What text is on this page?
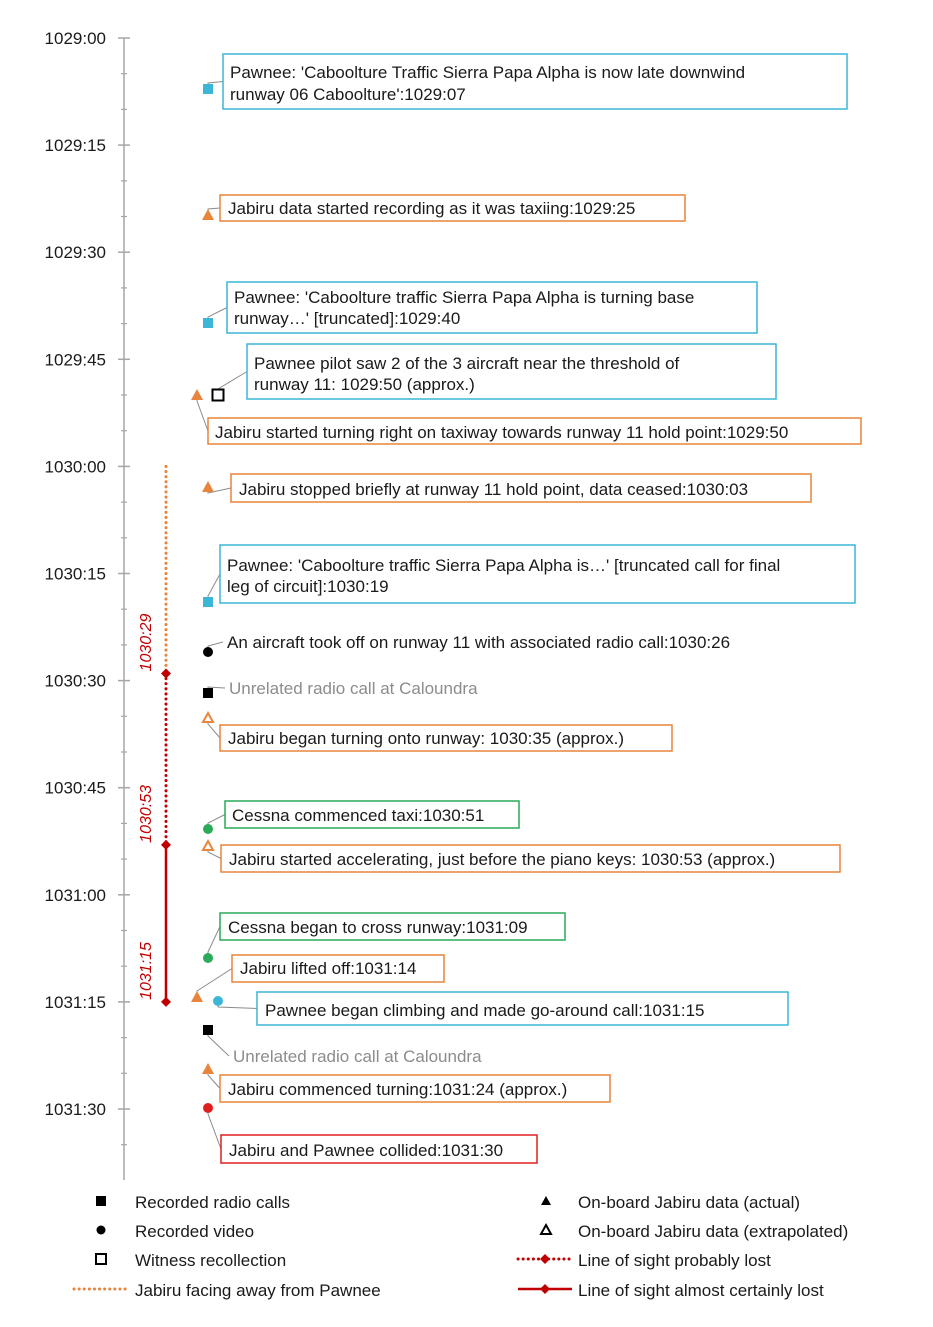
1029:00
1029:15
1029:30
1029:45
1030:00
1030:15
1030:30
1030:45
1031:00
1031:15
1031:30
1030:29
1030:53
1031:15
Pawnee: 'Caboolture Traffic Sierra Papa Alpha is now late downwind
runway 06 Caboolture':1029:07
Jabiru data started recording as it was taxiing:1029:25
Pawnee: 'Caboolture traffic Sierra Papa Alpha is turning base
runway…' [truncated]:1029:40
Pawnee pilot saw 2 of the 3 aircraft near the threshold of
runway 11: 1029:50 (approx.)
Jabiru started turning right on taxiway towards runway 11 hold point:1029:50
Jabiru stopped briefly at runway 11 hold point, data ceased:1030:03
Pawnee: 'Caboolture traffic Sierra Papa Alpha is…' [truncated call for final
leg of circuit]:1030:19
An aircraft took off on runway 11 with associated radio call:1030:26
Unrelated radio call at Caloundra
Jabiru began turning onto runway: 1030:35 (approx.)
Cessna commenced taxi:1030:51
Jabiru started accelerating, just before the piano keys: 1030:53 (approx.)
Cessna began to cross runway:1031:09
Jabiru lifted off:1031:14
Pawnee began climbing and made go-around call:1031:15
Unrelated radio call at Caloundra
Jabiru commenced turning:1031:24 (approx.)
Jabiru and Pawnee collided:1031:30
Recorded radio calls	On-board Jabiru data (actual)
Recorded video	On-board Jabiru data (extrapolated)
Witness recollection	Line of sight probably lost
Jabiru facing away from Pawnee	Line of sight almost certainly lost
